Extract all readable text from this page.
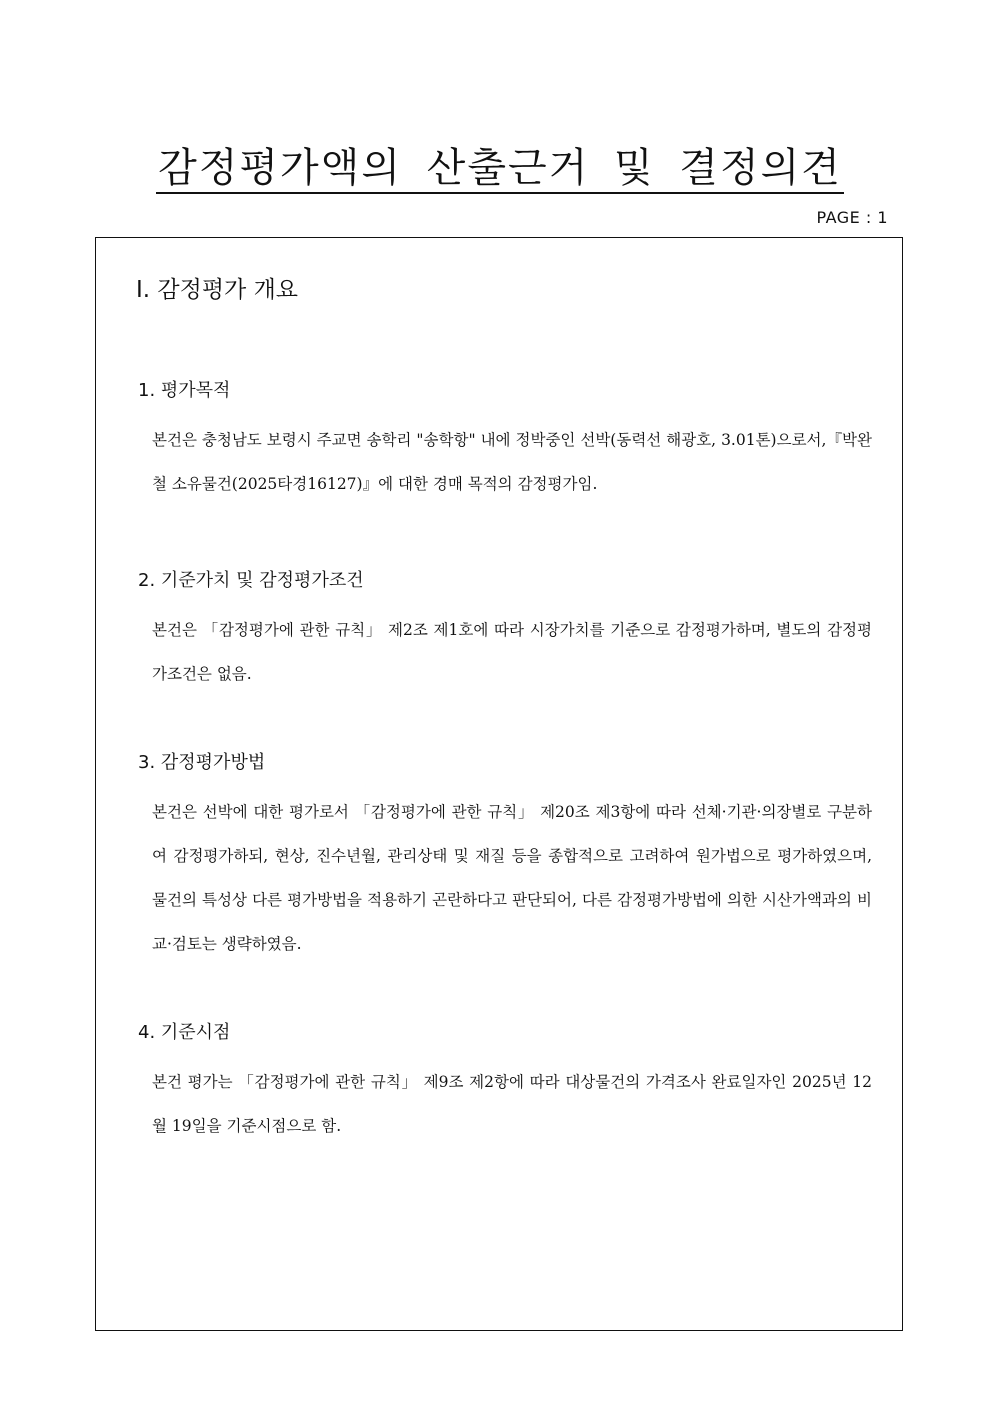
감정평가액의 산출근거 및 결정의견
PAGE : 1
Ⅰ. 감정평가 개요

1. 평가목적

본건은 충청남도 보령시 주교면 송학리 "송학항" 내에 정박중인 선박(동력선 해광호, 3.01톤)으로서,『박완철 소유물건(2025타경16127)』에 대한 경매 목적의 감정평가임.

2. 기준가치 및 감정평가조건

본건은 「감정평가에 관한 규칙」 제2조 제1호에 따라 시장가치를 기준으로 감정평가하며, 별도의 감정평가조건은 없음.

3. 감정평가방법

본건은 선박에 대한 평가로서 「감정평가에 관한 규칙」 제20조 제3항에 따라 선체·기관·의장별로 구분하여 감정평가하되, 현상, 진수년월, 관리상태 및 재질 등을 종합적으로 고려하여 원가법으로 평가하였으며, 물건의 특성상 다른 평가방법을 적용하기 곤란하다고 판단되어, 다른 감정평가방법에 의한 시산가액과의 비교·검토는 생략하였음.

4. 기준시점

본건 평가는 「감정평가에 관한 규칙」 제9조 제2항에 따라 대상물건의 가격조사 완료일자인 2025년 12월 19일을 기준시점으로 함.
